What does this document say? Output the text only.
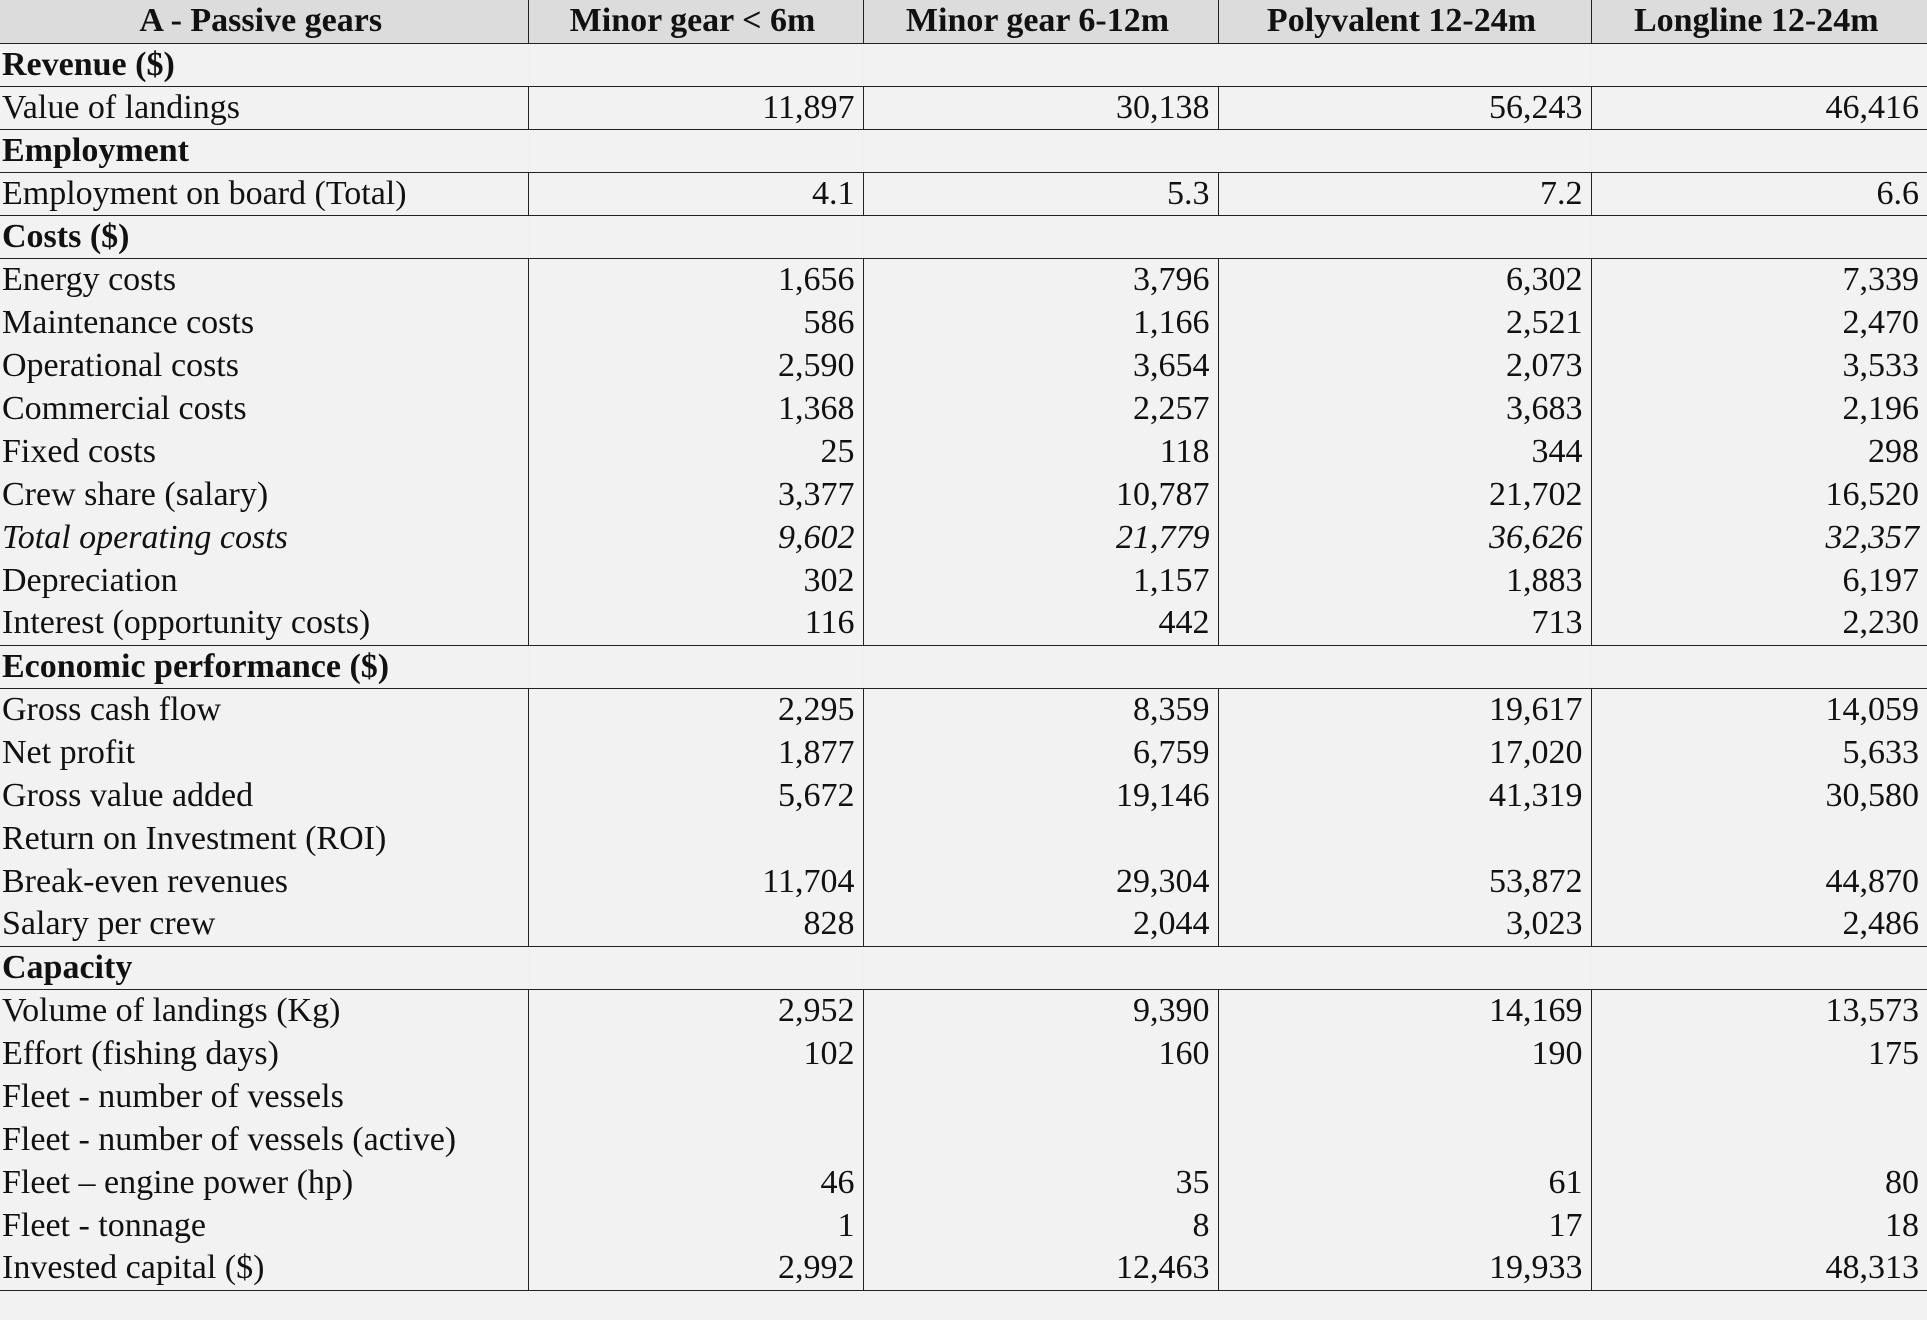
A - Passive gears	Minor gear < 6m	Minor gear 6-12m	Polyvalent 12-24m	Longline 12-24m
Revenue ($)				
Value of landings	11,897	30,138	56,243	46,416
Employment				
Employment on board (Total)	4.1	5.3	7.2	6.6
Costs ($)				
Energy costs	1,656	3,796	6,302	7,339
Maintenance costs	586	1,166	2,521	2,470
Operational costs	2,590	3,654	2,073	3,533
Commercial costs	1,368	2,257	3,683	2,196
Fixed costs	25	118	344	298
Crew share (salary)	3,377	10,787	21,702	16,520
Total operating costs	9,602	21,779	36,626	32,357
Depreciation	302	1,157	1,883	6,197
Interest (opportunity costs)	116	442	713	2,230
Economic performance ($)				
Gross cash flow	2,295	8,359	19,617	14,059
Net profit	1,877	6,759	17,020	5,633
Gross value added	5,672	19,146	41,319	30,580
Return on Investment (ROI)				
Break-even revenues	11,704	29,304	53,872	44,870
Salary per crew	828	2,044	3,023	2,486
Capacity				
Volume of landings (Kg)	2,952	9,390	14,169	13,573
Effort (fishing days)	102	160	190	175
Fleet - number of vessels				
Fleet - number of vessels (active)				
Fleet – engine power (hp)	46	35	61	80
Fleet - tonnage	1	8	17	18
Invested capital ($)	2,992	12,463	19,933	48,313
